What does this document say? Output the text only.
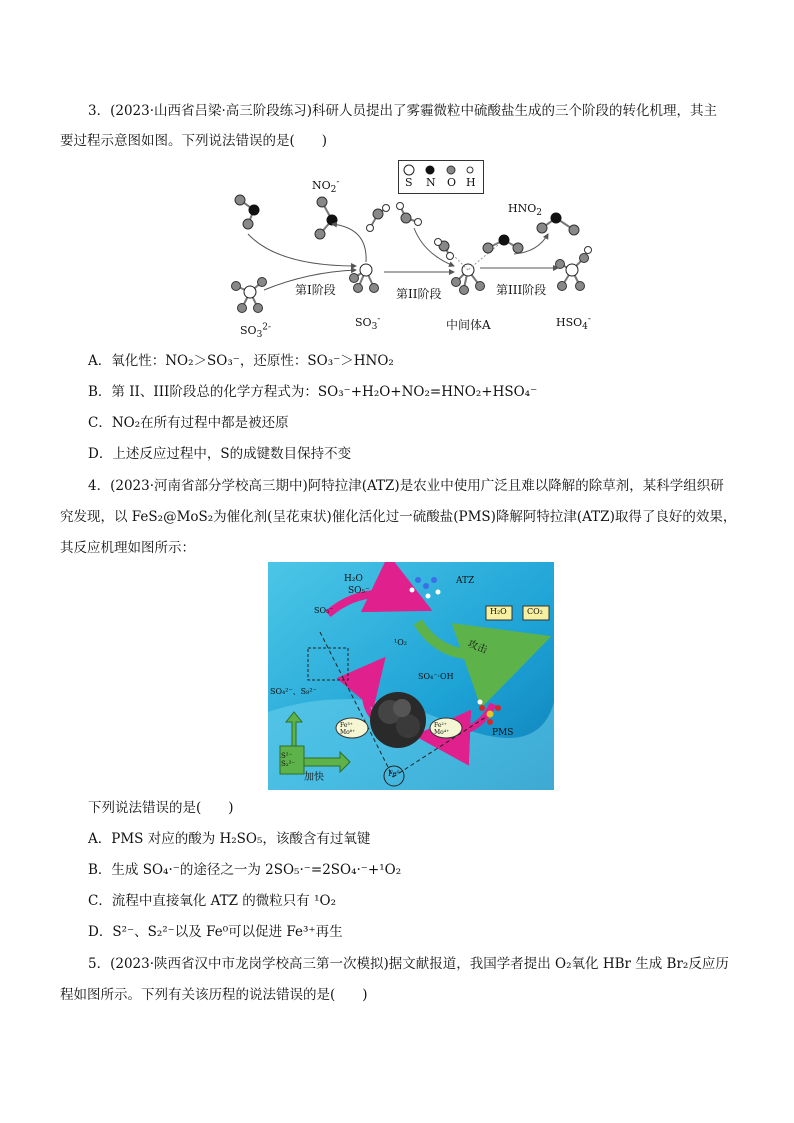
3．(2023·山西省吕梁·高三阶段练习)科研人员提出了雾霾微粒中硫酸盐生成的三个阶段的转化机理，其主
要过程示意图如图。下列说法错误的是(　　)
S N O H
$NO_2^-$
$HNO_2$
第I阶段	第II阶段	第III阶段
$SO_3^{2-}$	$SO_3^-$	中间体A	$HSO_4^-$
A．氧化性：NO₂＞SO₃⁻，还原性：SO₃⁻＞HNO₂
B．第 II、III阶段总的化学方程式为：SO₃⁻+H₂O+NO₂=HNO₂+HSO₄⁻
C．NO₂在所有过程中都是被还原
D．上述反应过程中，S的成键数目保持不变
4．(2023·河南省部分学校高三期中)阿特拉津(ATZ)是农业中使用广泛且难以降解的除草剂，某科学组织研
究发现，以 FeS₂@MoS₂为催化剂(呈花束状)催化活化过一硫酸盐(PMS)降解阿特拉津(ATZ)取得了良好的效果，
其反应机理如图所示：
H₂O
SO₅⁻
ATZ
H₂O	CO₂
SO₅⁻
¹O₂	攻击
SO₄⁻·OH
SO₄²⁻、S₈²⁻
S²⁻ S₂²⁻
加快
Fe³⁺ Mo⁶⁺
Fe²⁺ Mo⁴⁺	PMS
Fe⁰
下列说法错误的是(　　)
A．PMS 对应的酸为 H₂SO₅，该酸含有过氧键
B．生成 SO₄·⁻的途径之一为 2SO₅·⁻=2SO₄·⁻+¹O₂
C．流程中直接氧化 ATZ 的微粒只有 ¹O₂
D．S²⁻、S₂²⁻以及 Fe⁰可以促进 Fe³⁺再生
5．(2023·陕西省汉中市龙岗学校高三第一次模拟)据文献报道，我国学者提出 O₂氧化 HBr 生成 Br₂反应历
程如图所示。下列有关该历程的说法错误的是(　　)
